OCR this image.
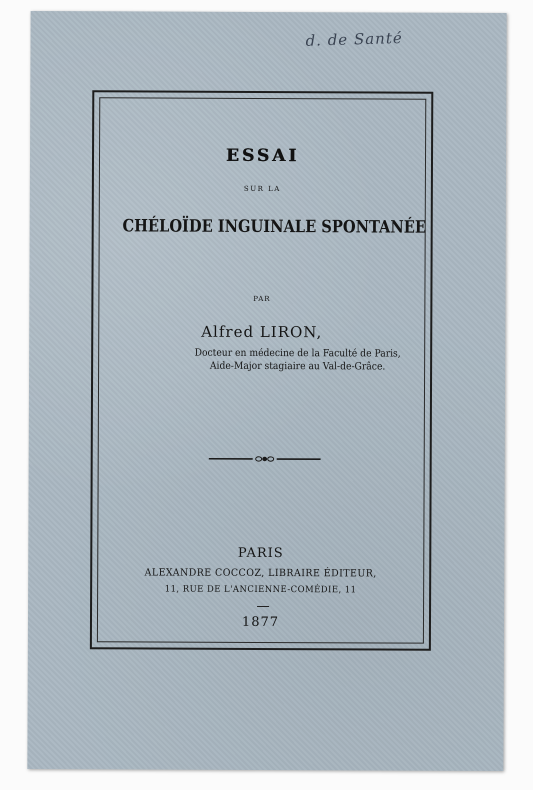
d. de Santé
ESSAI
SUR LA
CHÉLOÏDE INGUINALE SPONTANÉE
PAR
Alfred LIRON,
Docteur en médecine de la Faculté de Paris,
Aide-Major stagiaire au Val-de-Grâce.
PARIS
ALEXANDRE COCCOZ, LIBRAIRE ÉDITEUR,
11, RUE DE L'ANCIENNE-COMÉDIE, 11
1877
